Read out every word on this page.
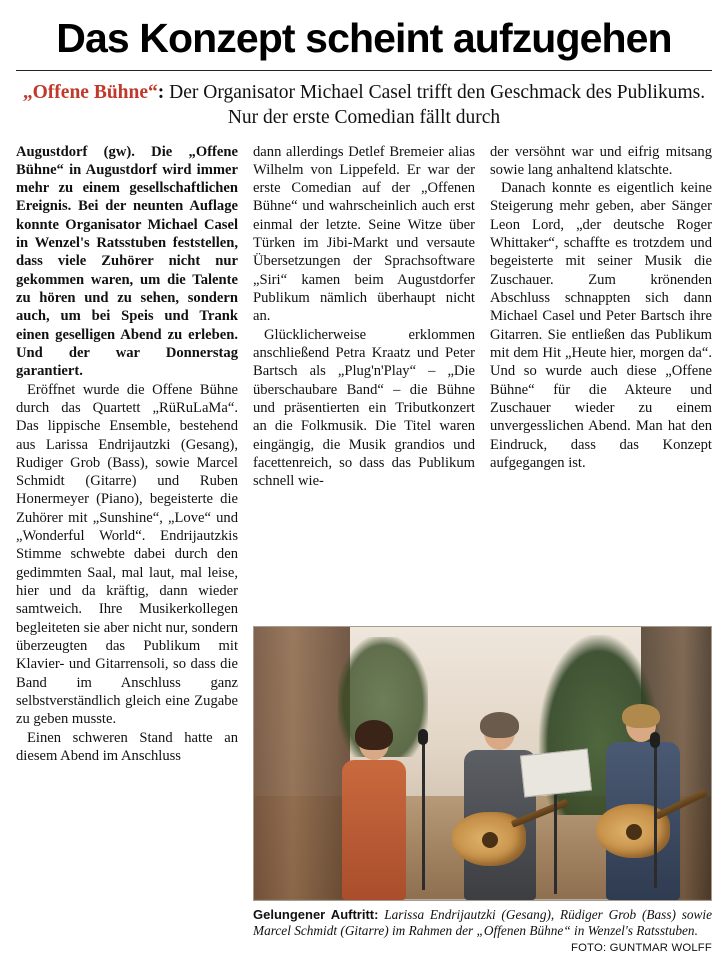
Das Konzept scheint aufzugehen
„Offene Bühne“: Der Organisator Michael Casel trifft den Geschmack des Publikums. Nur der erste Comedian fällt durch

Augustdorf (gw). Die „Offene Bühne“ in Augustdorf wird immer mehr zu einem gesellschaftlichen Ereignis. Bei der neunten Auflage konnte Organisator Michael Casel in Wenzel's Ratsstuben feststellen, dass viele Zuhörer nicht nur gekommen waren, um die Talente zu hören und zu sehen, sondern auch, um bei Speis und Trank einen geselligen Abend zu erleben. Und der war Donnerstag garantiert.

Eröffnet wurde die Offene Bühne durch das Quartett „RüRuLaMa“. Das lippische Ensemble, bestehend aus Larissa Endrijautzki (Gesang), Rudiger Grob (Bass), sowie Marcel Schmidt (Gitarre) und Ruben Honermeyer (Piano), begeisterte die Zuhörer mit „Sunshine“, „Love“ und „Wonderful World“. Endrijautzkis Stimme schwebte dabei durch den gedimmten Saal, mal laut, mal leise, hier und da kräftig, dann wieder samtweich. Ihre Musikerkollegen begleiteten sie aber nicht nur, sondern überzeugten das Publikum mit Klavier- und Gitarrensoli, so dass die Band im Anschluss ganz selbstverständlich gleich eine Zugabe zu geben musste.

Einen schweren Stand hatte an diesem Abend im Anschluss

dann allerdings Detlef Bremeier alias Wilhelm von Lippefeld. Er war der erste Comedian auf der „Offenen Bühne“ und wahrscheinlich auch erst einmal der letzte. Seine Witze über Türken im Jibi-Markt und versaute Übersetzungen der Sprachsoftware „Siri“ kamen beim Augustdorfer Publikum nämlich überhaupt nicht an.

Glücklicherweise erklommen anschließend Petra Kraatz und Peter Bartsch als „Plug'n'Play“ – „Die überschaubare Band“ – die Bühne und präsentierten ein Tributkonzert an die Folkmusik. Die Titel waren eingängig, die Musik grandios und facettenreich, so dass das Publikum schnell wie-

der versöhnt war und eifrig mitsang sowie lang anhaltend klatschte.

Danach konnte es eigentlich keine Steigerung mehr geben, aber Sänger Leon Lord, „der deutsche Roger Whittaker“, schaffte es trotzdem und begeisterte mit seiner Musik die Zuschauer. Zum krönenden Abschluss schnappten sich dann Michael Casel und Peter Bartsch ihre Gitarren. Sie entließen das Publikum mit dem Hit „Heute hier, morgen da“. Und so wurde auch diese „Offene Bühne“ für die Akteure und Zuschauer wieder zu einem unvergesslichen Abend. Man hat den Eindruck, dass das Konzept aufgegangen ist.

Gelungener Auftritt: Larissa Endrijautzki (Gesang), Rüdiger Grob (Bass) sowie Marcel Schmidt (Gitarre) im Rahmen der „Offenen Bühne“ in Wenzel's Ratsstuben.
FOTO: GUNTMAR WOLFF
